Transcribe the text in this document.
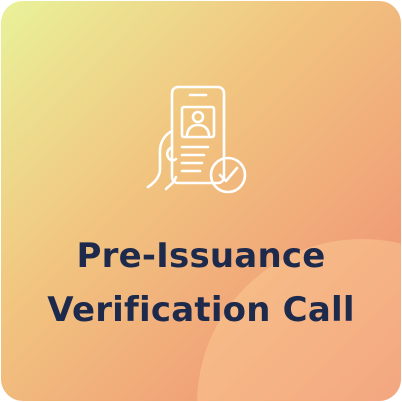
Pre-Issuance
Verification Call
